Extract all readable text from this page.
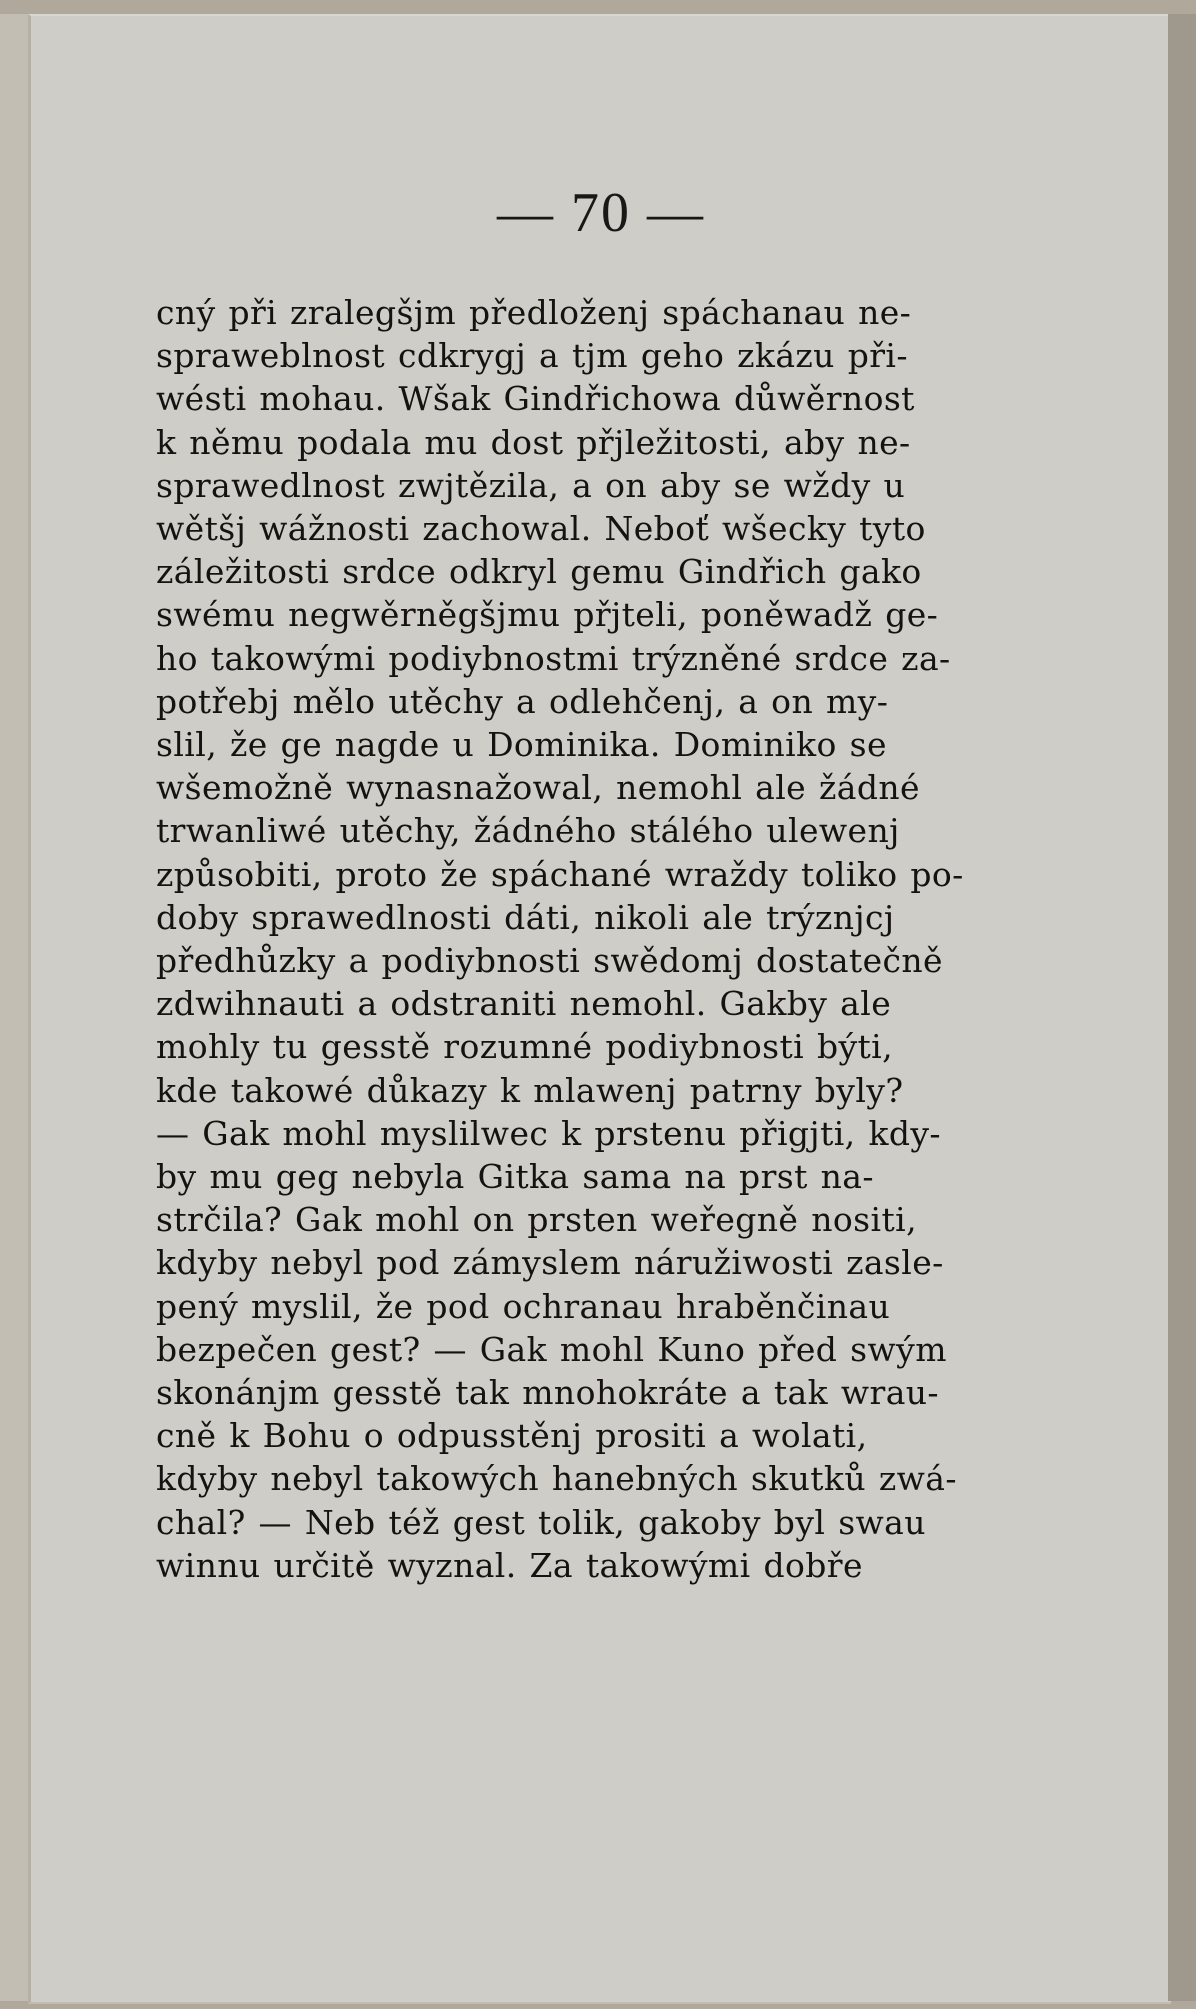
— 70 —
cný při zralegšjm předloženj spáchanau ne-
spraweblnost cdkrygj a tjm geho zkázu při-
wésti mohau. Wšak Gindřichowa důwěrnost
k němu podala mu dost přjležitosti, aby ne-
sprawedlnost zwjtězila, a on aby se wždy u
wětšj wážnosti zachowal. Neboť wšecky tyto
záležitosti srdce odkryl gemu Gindřich gako
swému negwěrněgšjmu přjteli, poněwadž ge-
ho takowými podiybnostmi trýzněné srdce za-
potřebj mělo utěchy a odlehčenj, a on my-
slil, že ge nagde u Dominika. Dominiko se
wšemožně wynasnažowal, nemohl ale žádné
trwanliwé utěchy, žádného stálého ulewenj
způsobiti, proto že spáchané wraždy toliko po-
doby sprawedlnosti dáti, nikoli ale trýznjcj
předhůzky a podiybnosti swědomj dostatečně
zdwihnauti a odstraniti nemohl. Gakby ale
mohly tu gesstě rozumné podiybnosti býti,
kde takowé důkazy k mlawenj patrny byly?
— Gak mohl myslilwec k prstenu přigjti, kdy-
by mu geg nebyla Gitka sama na prst na-
strčila? Gak mohl on prsten weřegně nositi,
kdyby nebyl pod zámyslem náružiwosti zasle-
pený myslil, že pod ochranau hraběnčinau
bezpečen gest? — Gak mohl Kuno před swým
skonánjm gesstě tak mnohokráte a tak wrau-
cně k Bohu o odpusstěnj prositi a wolati,
kdyby nebyl takowých hanebných skutků zwá-
chal? — Neb též gest tolik, gakoby byl swau
winnu určitě wyznal. Za takowými dobře
